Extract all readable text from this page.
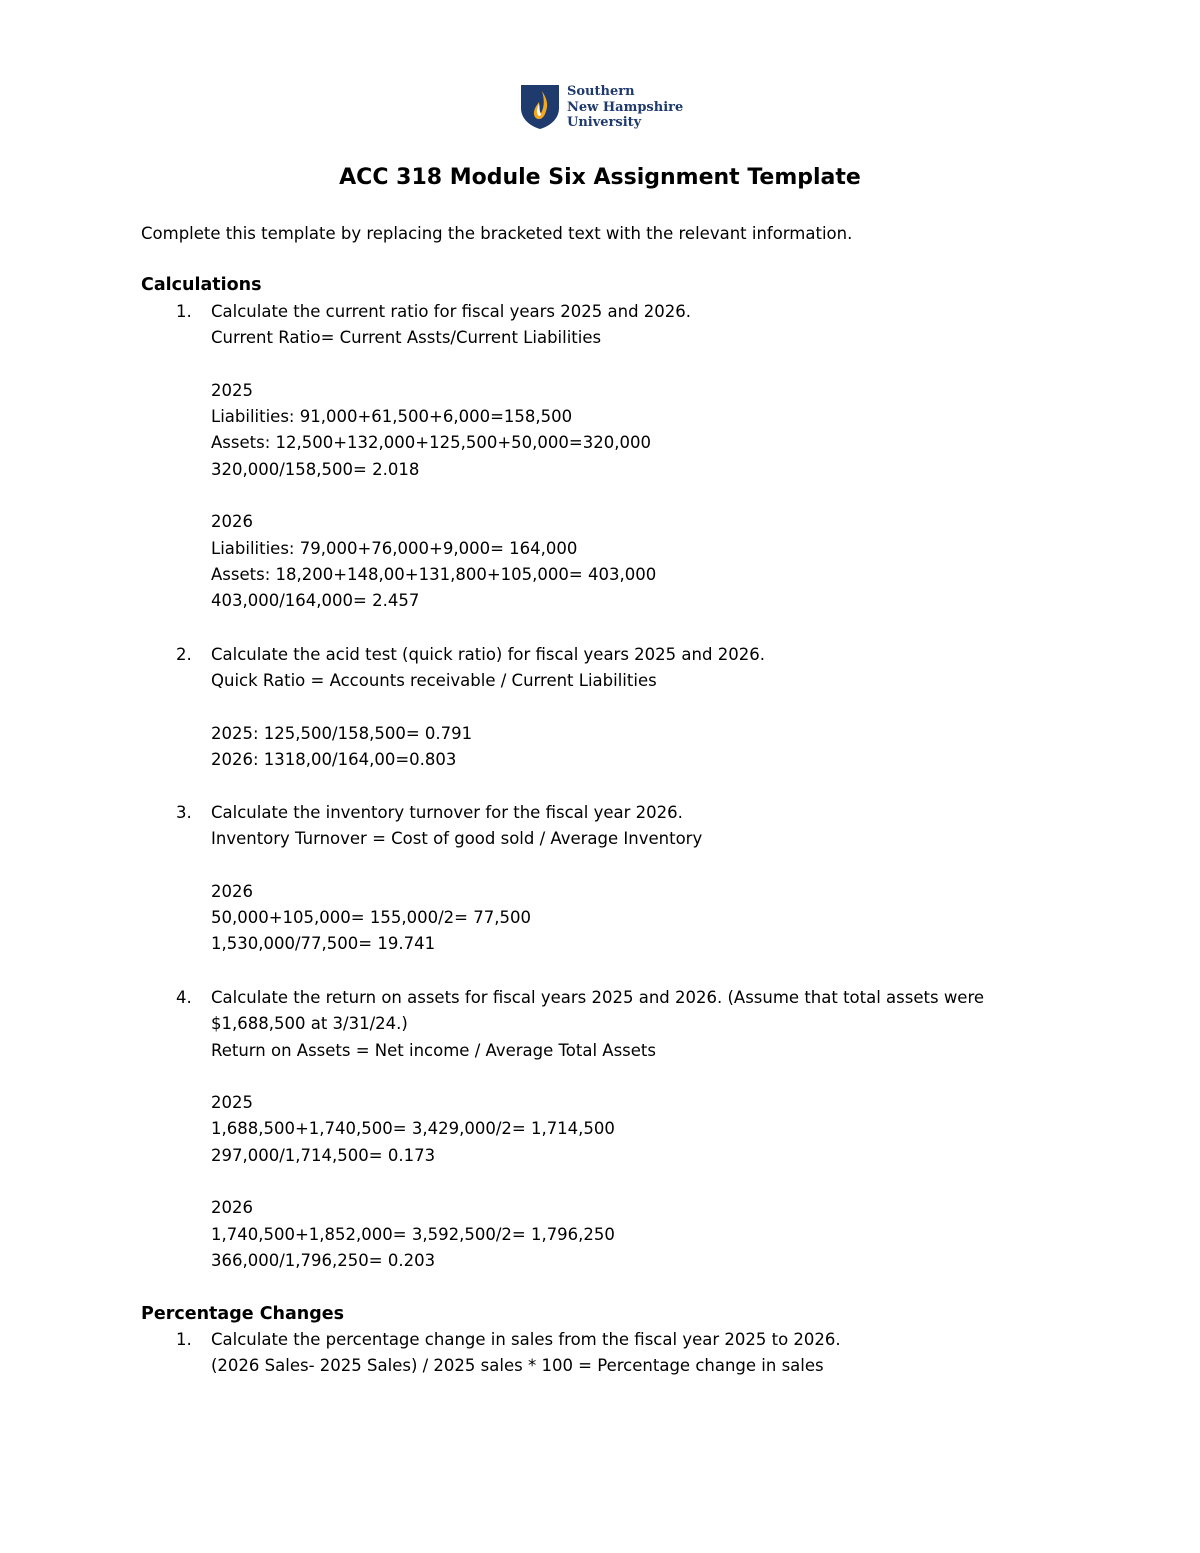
Southern
New Hampshire
University
ACC 318 Module Six Assignment Template
Complete this template by replacing the bracketed text with the relevant information.
Calculations
1. Calculate the current ratio for fiscal years 2025 and 2026.
Current Ratio= Current Assts/Current Liabilities
2025
Liabilities: 91,000+61,500+6,000=158,500
Assets: 12,500+132,000+125,500+50,000=320,000
320,000/158,500= 2.018
2026
Liabilities: 79,000+76,000+9,000= 164,000
Assets: 18,200+148,00+131,800+105,000= 403,000
403,000/164,000= 2.457
2. Calculate the acid test (quick ratio) for fiscal years 2025 and 2026.
Quick Ratio = Accounts receivable / Current Liabilities
2025: 125,500/158,500= 0.791
2026: 1318,00/164,00=0.803
3. Calculate the inventory turnover for the fiscal year 2026.
Inventory Turnover = Cost of good sold / Average Inventory
2026
50,000+105,000= 155,000/2= 77,500
1,530,000/77,500= 19.741
4. Calculate the return on assets for fiscal years 2025 and 2026. (Assume that total assets were $1,688,500 at 3/31/24.)
Return on Assets = Net income / Average Total Assets
2025
1,688,500+1,740,500= 3,429,000/2= 1,714,500
297,000/1,714,500= 0.173
2026
1,740,500+1,852,000= 3,592,500/2= 1,796,250
366,000/1,796,250= 0.203
Percentage Changes
1. Calculate the percentage change in sales from the fiscal year 2025 to 2026.
(2026 Sales- 2025 Sales) / 2025 sales * 100 = Percentage change in sales
